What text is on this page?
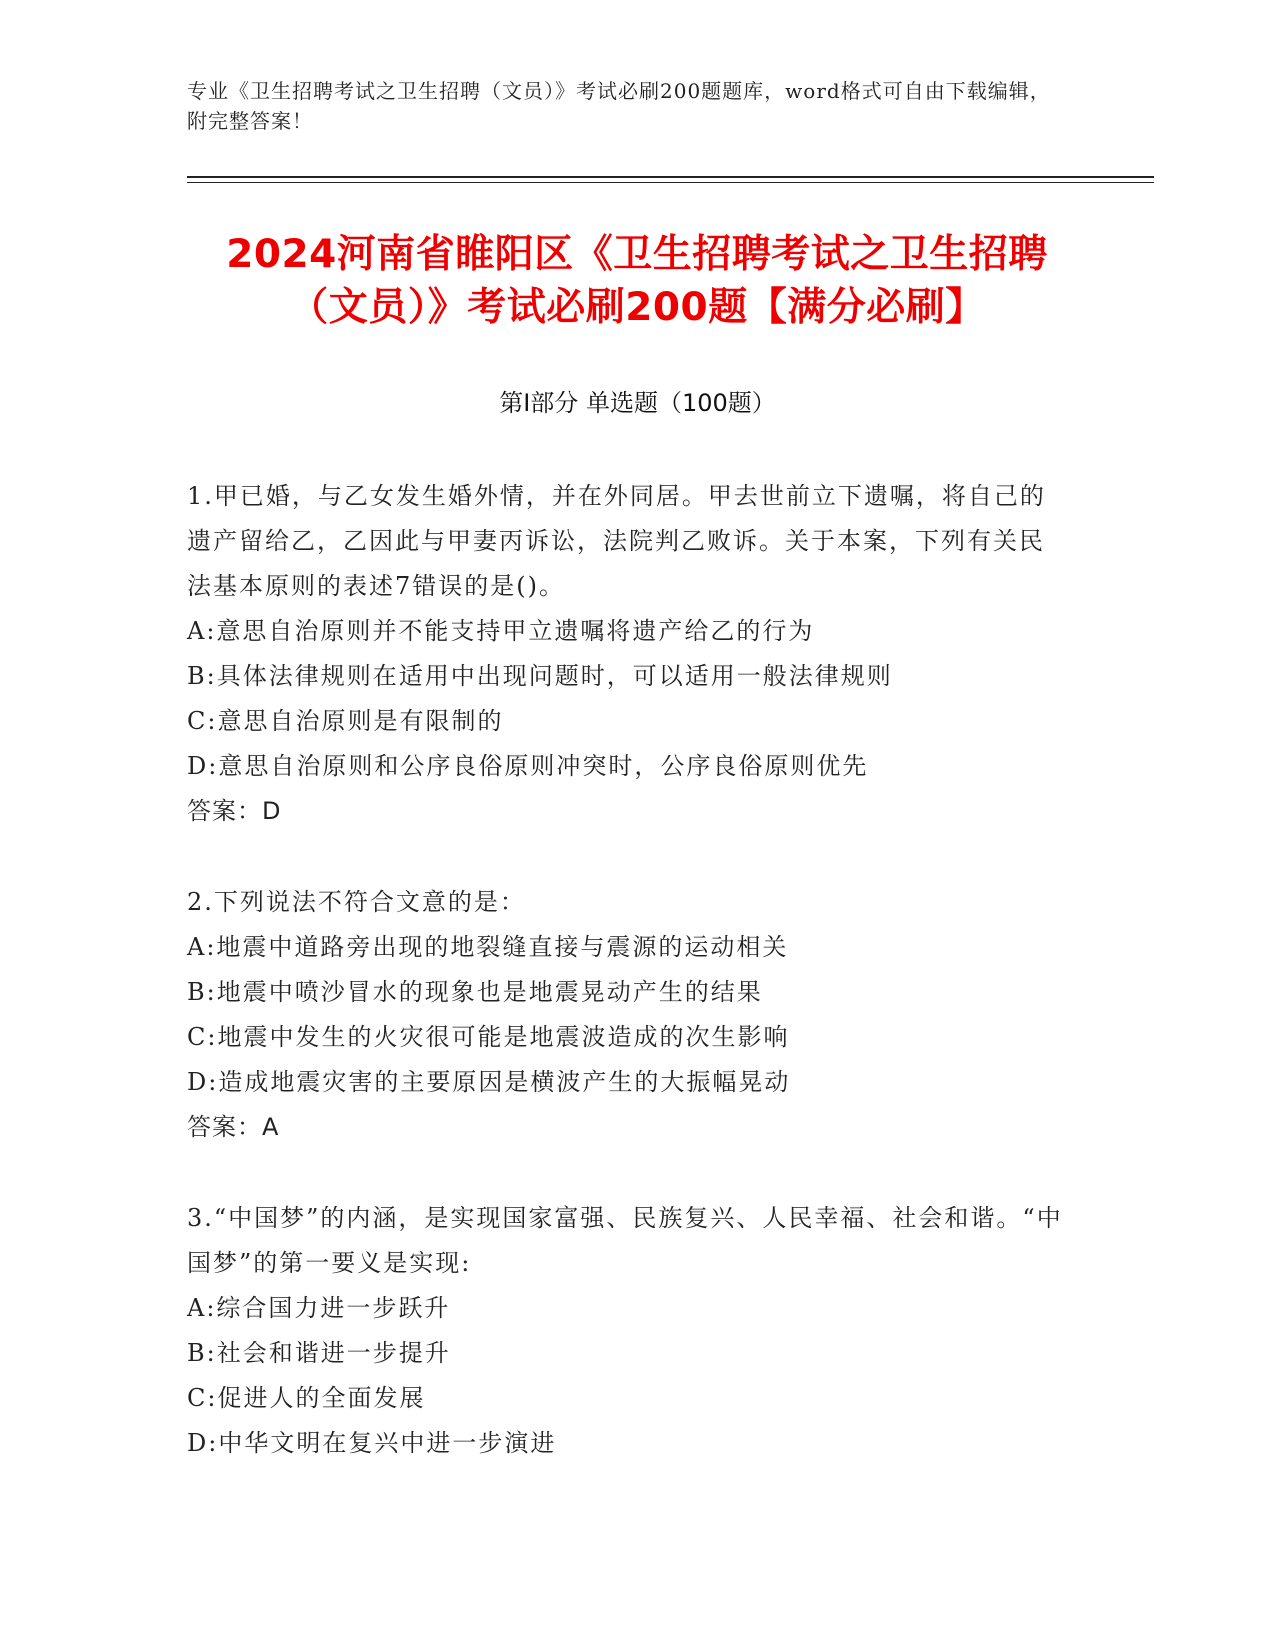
专业《卫生招聘考试之卫生招聘（文员）》考试必刷200题题库，word格式可自由下载编辑，附完整答案！
2024河南省睢阳区《卫生招聘考试之卫生招聘（文员）》考试必刷200题【满分必刷】
第Ⅰ部分 单选题（100题）

1.甲已婚，与乙女发生婚外情，并在外同居。甲去世前立下遗嘱，将自己的遗产留给乙，乙因此与甲妻丙诉讼，法院判乙败诉。关于本案，下列有关民法基本原则的表述7错误的是()。

A:意思自治原则并不能支持甲立遗嘱将遗产给乙的行为

B:具体法律规则在适用中出现问题时，可以适用一般法律规则

C:意思自治原则是有限制的

D:意思自治原则和公序良俗原则冲突时，公序良俗原则优先

答案：D

2.下列说法不符合文意的是：

A:地震中道路旁出现的地裂缝直接与震源的运动相关

B:地震中喷沙冒水的现象也是地震晃动产生的结果

C:地震中发生的火灾很可能是地震波造成的次生影响

D:造成地震灾害的主要原因是横波产生的大振幅晃动

答案：A

3.“中国梦”的内涵，是实现国家富强、民族复兴、人民幸福、社会和谐。“中国梦”的第一要义是实现:

A:综合国力进一步跃升

B:社会和谐进一步提升

C:促进人的全面发展

D:中华文明在复兴中进一步演进
